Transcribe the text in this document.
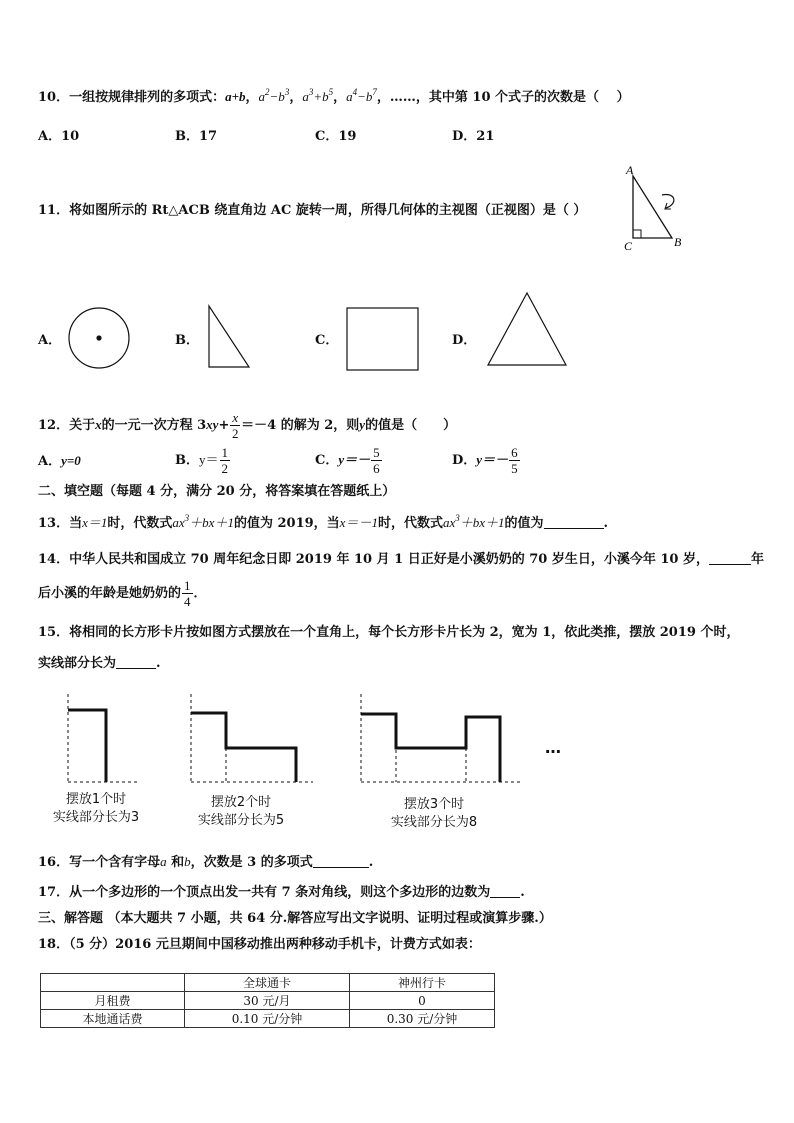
10．一组按规律排列的多项式：a+b，$a^2-b^3$，$a^3+b^5$，$a^4-b^7$，……，其中第 10 个式子的次数是（　 ）
A．10	B．17	C．19	D．21
11．将如图所示的 Rt△ACB 绕直角边 AC 旋转一周，所得几何体的主视图（正视图）是（ ）
A
C	B
A．	B．	C．	D．
12．关于x的一元一次方程 $3xy+ \frac{x}{2} =-4$ 的解为 2，则y的值是（　　）
A．y=0	B．$y= \frac{1}{2}$	C．$y=- \frac{5}{6}$	D．$y=- \frac{6}{5}$
二、填空题（每题 4 分，满分 20 分，将答案填在答题纸上）
13．当x＝1时，代数式$ax^3+bx+1$的值为 2019，当x＝－1时，代数式$ax^3+bx+1$的值为	.
14．中华人民共和国成立 70 周年纪念日即 2019 年 10 月 1 日正好是小溪奶奶的 70 岁生日，小溪今年 10 岁，	年
后小溪的年龄是她奶奶的 $\frac{1}{4}$ ．
15．将相同的长方形卡片按如图方式摆放在一个直角上，每个长方形卡片长为 2，宽为 1，依此类推，摆放 2019 个时，
实线部分长为	.
…
摆放1个时
实线部分长为3
摆放2个时
实线部分长为5
摆放3个时
实线部分长为8
16．写一个含有字母a 和b，次数是 3 的多项式	.
17．从一个多边形的一个顶点出发一共有 7 条对角线，则这个多边形的边数为 .
三、解答题 （本大题共 7 小题，共 64 分.解答应写出文字说明、证明过程或演算步骤.）
18．（5 分）2016 元旦期间中国移动推出两种移动手机卡，计费方式如表：
	全球通卡	神州行卡
月租费	30 元/月	0
本地通话费	0.10 元/分钟	0.30 元/分钟
